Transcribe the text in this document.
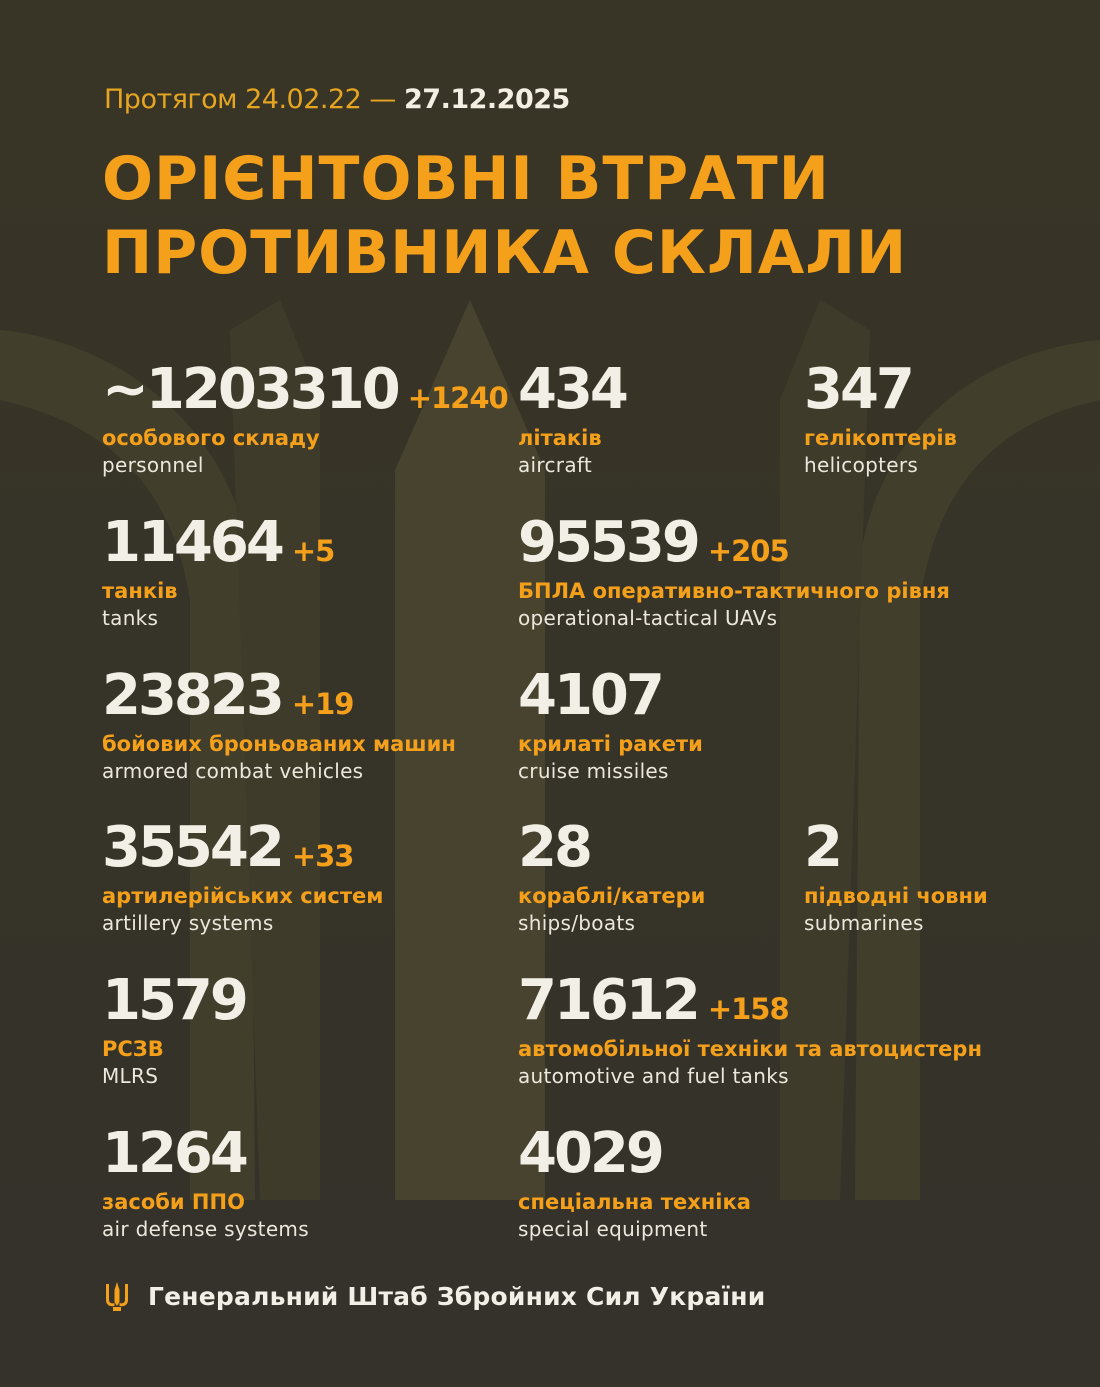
Протягом 24.02.22 — 27.12.2025
ОРІЄНТОВНІ ВТРАТИ
ПРОТИВНИКА СКЛАЛИ
~1203310 +1240
особового складу
personnel
434
літаків
aircraft
347
гелікоптерів
helicopters
11464 +5
танків
tanks
95539 +205
БПЛА оперативно-тактичного рівня
operational-tactical UAVs
23823 +19
бойових броньованих машин
armored combat vehicles
4107
крилаті ракети
cruise missiles
35542 +33
артилерійських систем
artillery systems
28
кораблі/катери
ships/boats
2
підводні човни
submarines
1579
РСЗВ
MLRS
71612 +158
автомобільної техніки та автоцистерн
automotive and fuel tanks
1264
засоби ППО
air defense systems
4029
спеціальна техніка
special equipment
Генеральний Штаб Збройних Сил України
